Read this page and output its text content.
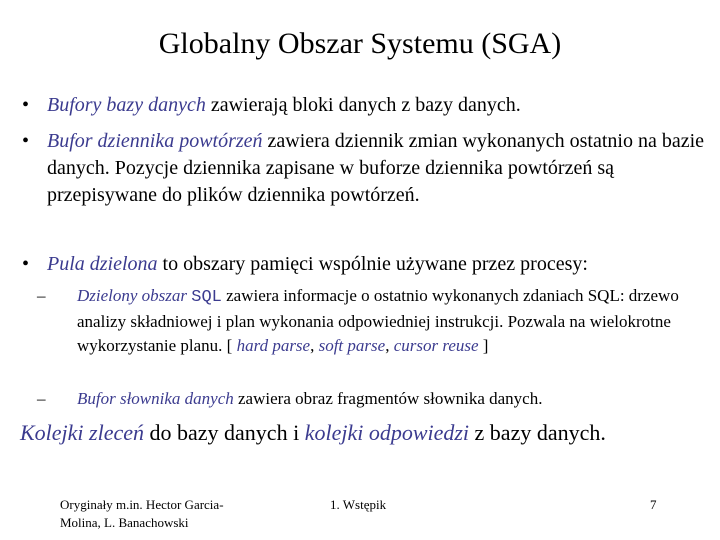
Globalny Obszar Systemu (SGA)
• Bufory bazy danych zawierają bloki danych z bazy danych.
• Bufor dziennika powtórzeń zawiera dziennik zmian wykonanych ostatnio na bazie danych. Pozycje dziennika zapisane w buforze dziennika powtórzeń są przepisywane do plików dziennika powtórzeń.
• Pula dzielona to obszary pamięci wspólnie używane przez procesy:
– Dzielony obszar SQL zawiera informacje o ostatnio wykonanych zdaniach SQL: drzewo analizy składniowej i plan wykonania odpowiedniej instrukcji. Pozwala na wielokrotne wykorzystanie planu. [ hard parse, soft parse, cursor reuse ]
– Bufor słownika danych zawiera obraz fragmentów słownika danych.
Kolejki zleceń do bazy danych i kolejki odpowiedzi z bazy danych.
Oryginały m.in. Hector Garcia-Molina, L. Banachowski
1. Wstępik	7
